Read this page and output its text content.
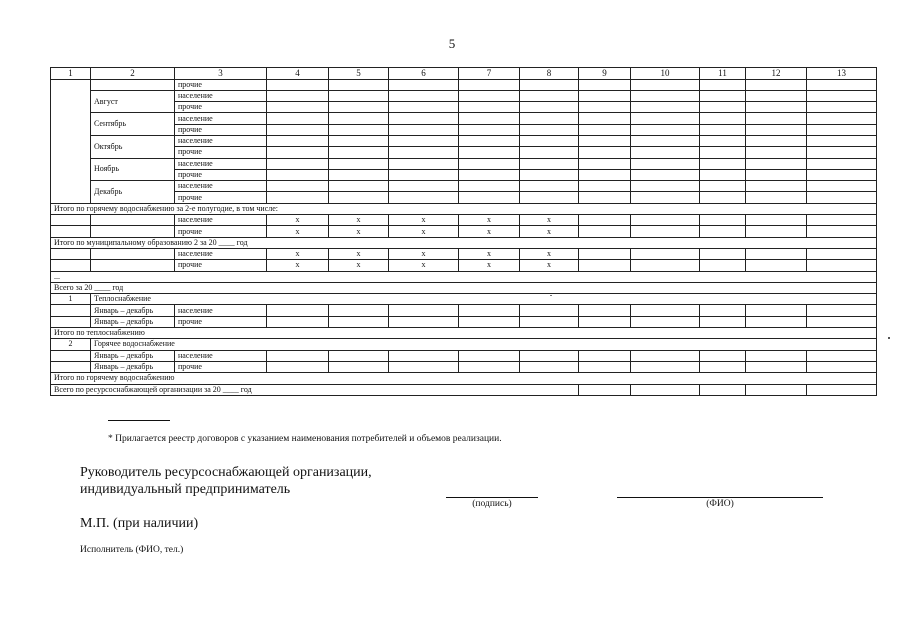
5
1	2	3	4	5	6	7	8	9	10	11	12	13
		прочие										
	Август	население										
		прочие										
	Сентябрь	население										
		прочие										
	Октябрь	население										
		прочие										
	Ноябрь	население										
		прочие										
	Декабрь	население										
		прочие										
Итого по горячему водоснабжению за 2-е полугодие, в том числе:												
		население	x	x	x	x	x					
		прочие	x	x	x	x	x					
Итого по муниципальному образованию 2 за 20 ____ год												
		население	x	x	x	x	x					
		прочие	x	x	x	x	x					
...												
Всего за 20 ____ год												
1	Теплоснабжение											
	Январь – декабрь	население										
	Январь – декабрь	прочие										
Итого по теплоснабжению												
2	Горячее водоснабжение											
	Январь – декабрь	население										
	Январь – декабрь	прочие										
Итого по горячему водоснабжению												
Всего по ресурсоснабжающей организации за 20 ____ год												
* Прилагается реестр договоров с указанием наименования потребителей и объемов реализации.
Руководитель ресурсоснабжающей организации,
индивидуальный предприниматель
(подпись)	(ФИО)
М.П. (при наличии)
Исполнитель (ФИО, тел.)
